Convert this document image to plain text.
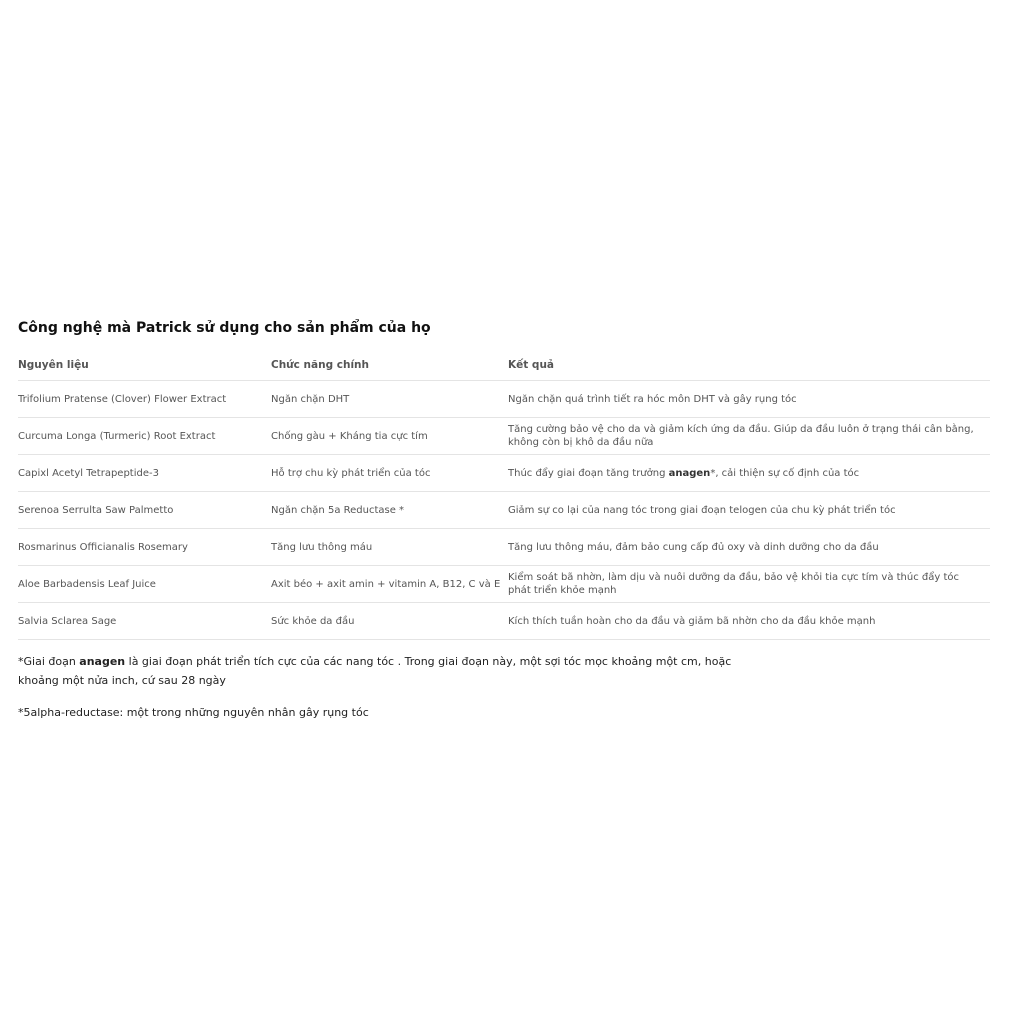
Công nghệ mà Patrick sử dụng cho sản phẩm của họ
Nguyên liệu	Chức năng chính	Kết quả
Trifolium Pratense (Clover) Flower Extract	Ngăn chặn DHT	Ngăn chặn quá trình tiết ra hóc môn DHT và gây rụng tóc
Curcuma Longa (Turmeric) Root Extract	Chống gàu + Kháng tia cực tím	Tăng cường bảo vệ cho da và giảm kích ứng da đầu. Giúp da đầu luôn ở trạng thái cân bằng, không còn bị khô da đầu nữa
Capixl Acetyl Tetrapeptide-3	Hỗ trợ chu kỳ phát triển của tóc	Thúc đẩy giai đoạn tăng trưởng anagen*, cải thiện sự cố định của tóc
Serenoa Serrulta Saw Palmetto	Ngăn chặn 5a Reductase *	Giảm sự co lại của nang tóc trong giai đoạn telogen của chu kỳ phát triển tóc
Rosmarinus Officianalis Rosemary	Tăng lưu thông máu	Tăng lưu thông máu, đảm bảo cung cấp đủ oxy và dinh dưỡng cho da đầu
Aloe Barbadensis Leaf Juice	Axit béo + axit amin + vitamin A, B12, C và E	Kiểm soát bã nhờn, làm dịu và nuôi dưỡng da đầu, bảo vệ khỏi tia cực tím và thúc đẩy tóc phát triển khỏe mạnh
Salvia Sclarea Sage	Sức khỏe da đầu	Kích thích tuần hoàn cho da đầu và giảm bã nhờn cho da đầu khỏe mạnh
*Giai đoạn anagen là giai đoạn phát triển tích cực của các nang tóc . Trong giai đoạn này, một sợi tóc mọc khoảng một cm, hoặc khoảng một nửa inch, cứ sau 28 ngày
*5alpha-reductase: một trong những nguyên nhân gây rụng tóc
